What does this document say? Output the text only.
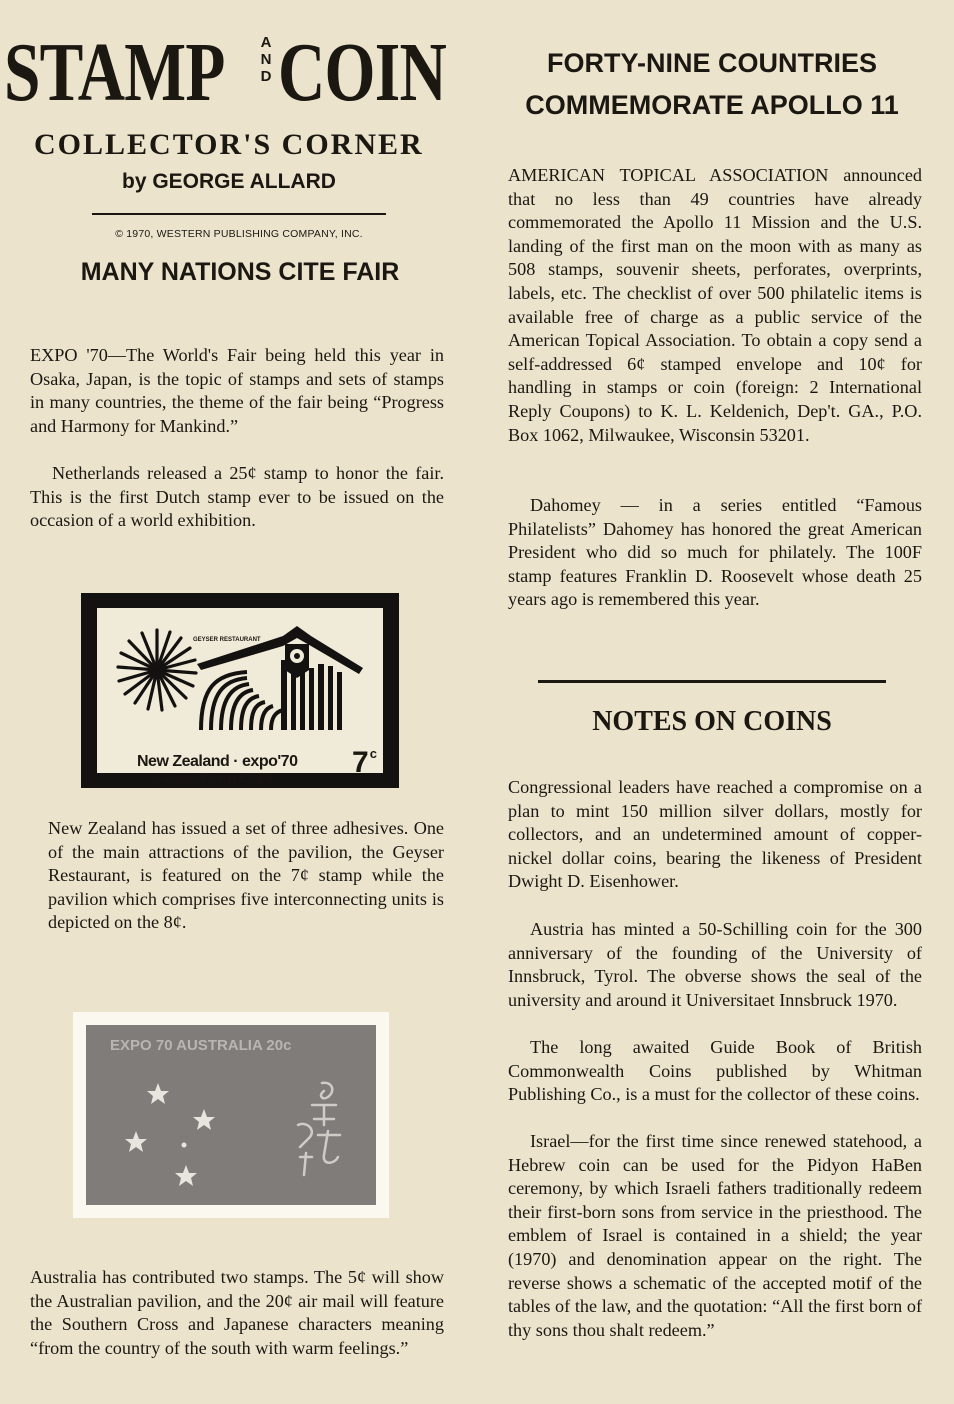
STAMP	A
N
D COIN
COLLECTOR'S CORNER
by GEORGE ALLARD
© 1970, WESTERN PUBLISHING COMPANY, INC.
MANY NATIONS CITE FAIR
EXPO '70—The World's Fair being held this year in Osaka, Japan, is the topic of stamps and sets of stamps in many countries, the theme of the fair being “Progress and Harmony for Mankind.”
Netherlands released a 25¢ stamp to honor the fair. This is the first Dutch stamp ever to be issued on the occasion of a world exhibition.
GEYSER RESTAURANT
New Zealand · expo'70
ニュージーランド 日本万国博
7$^c$
New Zealand has issued a set of three adhesives. One of the main attractions of the pavilion, the Geyser Restaurant, is featured on the 7¢ stamp while the pavilion which comprises five interconnecting units is depicted on the 8¢.
EXPO 70 AUSTRALIA 20c
Australia has contributed two stamps. The 5¢ will show the Australian pavilion, and the 20¢ air mail will feature the Southern Cross and Japanese characters meaning “from the country of the south with warm feelings.”
FORTY-NINE COUNTRIES
COMMEMORATE APOLLO 11
AMERICAN TOPICAL ASSOCIATION announced that no less than 49 countries have already commemorated the Apollo 11 Mission and the U.S. landing of the first man on the moon with as many as 508 stamps, souvenir sheets, perforates, overprints, labels, etc. The checklist of over 500 philatelic items is available free of charge as a public service of the American Topical Association. To obtain a copy send a self-addressed 6¢ stamped envelope and 10¢ for handling in stamps or coin (foreign: 2 International Reply Coupons) to K. L. Keldenich, Dep't. GA., P.O. Box 1062, Milwaukee, Wisconsin 53201.
Dahomey — in a series entitled “Famous Philatelists” Dahomey has honored the great American President who did so much for philately. The 100F stamp features Franklin D. Roosevelt whose death 25 years ago is remembered this year.
NOTES ON COINS
Congressional leaders have reached a compromise on a plan to mint 150 million silver dollars, mostly for collectors, and an undetermined amount of copper-nickel dollar coins, bearing the likeness of President Dwight D. Eisenhower.
Austria has minted a 50-Schilling coin for the 300 anniversary of the founding of the University of Innsbruck, Tyrol. The obverse shows the seal of the university and around it Universitaet Innsbruck 1970.
The long awaited Guide Book of British Commonwealth Coins published by Whitman Publishing Co., is a must for the collector of these coins.
Israel—for the first time since renewed statehood, a Hebrew coin can be used for the Pidyon HaBen ceremony, by which Israeli fathers traditionally redeem their first-born sons from service in the priesthood. The emblem of Israel is contained in a shield; the year (1970) and denomination appear on the right. The reverse shows a schematic of the accepted motif of the tables of the law, and the quotation: “All the first born of thy sons thou shalt redeem.”
